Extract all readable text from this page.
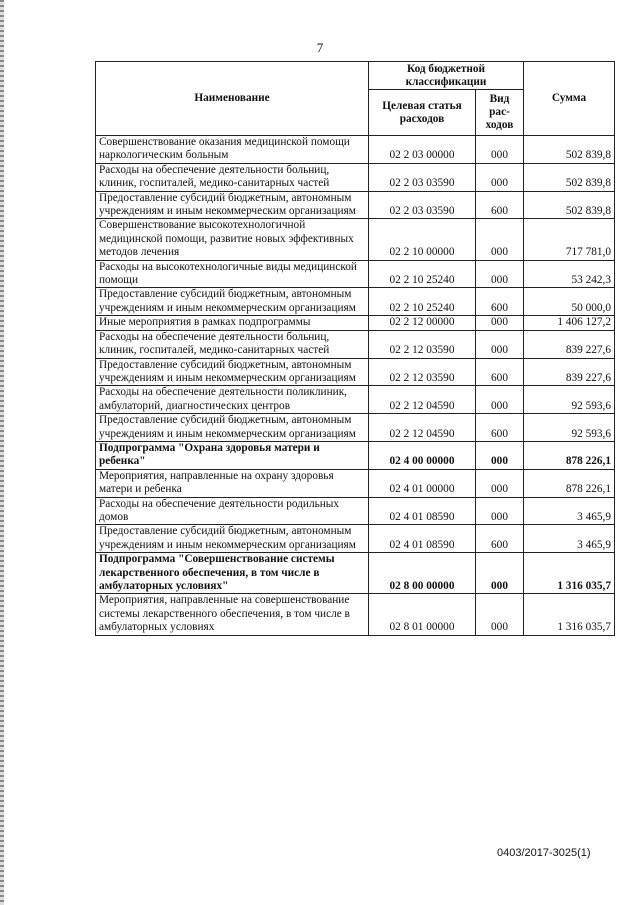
7
Наименование	Код бюджетной классификации		Сумма
	Целевая статья расходов	Вид рас-ходов	
Совершенствование оказания медицинской помощи наркологическим больным	02 2 03 00000	000	502 839,8
Расходы на обеспечение деятельности больниц, клиник, госпиталей, медико-санитарных частей	02 2 03 03590	000	502 839,8
Предоставление субсидий бюджетным, автономным учреждениям и иным некоммерческим организациям	02 2 03 03590	600	502 839,8
Совершенствование высокотехнологичной медицинской помощи, развитие новых эффективных методов лечения	02 2 10 00000	000	717 781,0
Расходы на высокотехнологичные виды медицинской помощи	02 2 10 25240	000	53 242,3
Предоставление субсидий бюджетным, автономным учреждениям и иным некоммерческим организациям	02 2 10 25240	600	50 000,0
Иные мероприятия в рамках подпрограммы	02 2 12 00000	000	1 406 127,2
Расходы на обеспечение деятельности больниц, клиник, госпиталей, медико-санитарных частей	02 2 12 03590	000	839 227,6
Предоставление субсидий бюджетным, автономным учреждениям и иным некоммерческим организациям	02 2 12 03590	600	839 227,6
Расходы на обеспечение деятельности поликлиник, амбулаторий, диагностических центров	02 2 12 04590	000	92 593,6
Предоставление субсидий бюджетным, автономным учреждениям и иным некоммерческим организациям	02 2 12 04590	600	92 593,6
Подпрограмма "Охрана здоровья матери и ребенка"	02 4 00 00000	000	878 226,1
Мероприятия, направленные на охрану здоровья матери и ребенка	02 4 01 00000	000	878 226,1
Расходы на обеспечение деятельности родильных домов	02 4 01 08590	000	3 465,9
Предоставление субсидий бюджетным, автономным учреждениям и иным некоммерческим организациям	02 4 01 08590	600	3 465,9
Подпрограмма "Совершенствование системы лекарственного обеспечения, в том числе в амбулаторных условиях"	02 8 00 00000	000	1 316 035,7
Мероприятия, направленные на совершенствование системы лекарственного обеспечения, в том числе в амбулаторных условиях	02 8 01 00000	000	1 316 035,7
0403/2017-3025(1)
